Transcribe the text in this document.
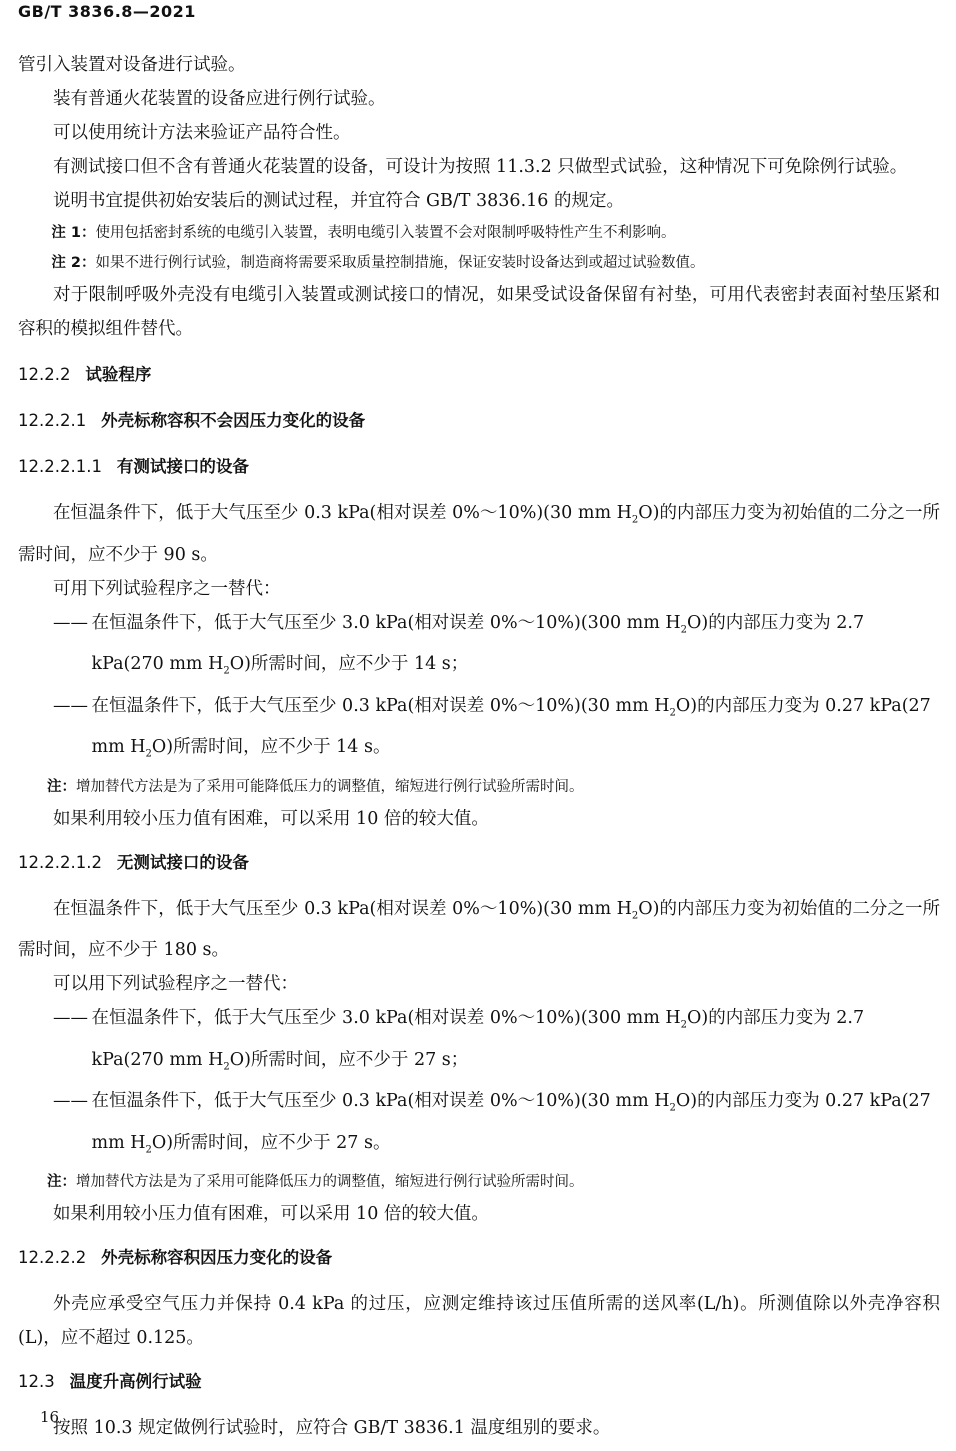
GB/T 3836.8—2021

管引入装置对设备进行试验。

装有普通火花装置的设备应进行例行试验。

可以使用统计方法来验证产品符合性。

有测试接口但不含有普通火花装置的设备，可设计为按照 11.3.2 只做型式试验，这种情况下可免除例行试验。

说明书宜提供初始安装后的测试过程，并宜符合 GB/T 3836.16 的规定。

注 1：使用包括密封系统的电缆引入装置，表明电缆引入装置不会对限制呼吸特性产生不利影响。

注 2：如果不进行例行试验，制造商将需要采取质量控制措施，保证安装时设备达到或超过试验数值。

对于限制呼吸外壳没有电缆引入装置或测试接口的情况，如果受试设备保留有衬垫，可用代表密封表面衬垫压紧和容积的模拟组件替代。

12.2.2 试验程序

12.2.2.1 外壳标称容积不会因压力变化的设备

12.2.2.1.1 有测试接口的设备

在恒温条件下，低于大气压至少 0.3 kPa(相对误差 0%～10%)(30 mm $H_2O$)的内部压力变为初始值的二分之一所需时间，应不少于 90 s。

可用下列试验程序之一替代：

—— 在恒温条件下，低于大气压至少 3.0 kPa(相对误差 0%～10%)(300 mm $H_2O$)的内部压力变为 2.7 kPa(270 mm $H_2O$)所需时间，应不少于 14 s；

—— 在恒温条件下，低于大气压至少 0.3 kPa(相对误差 0%～10%)(30 mm $H_2O$)的内部压力变为 0.27 kPa(27 mm $H_2O$)所需时间，应不少于 14 s。

注：增加替代方法是为了采用可能降低压力的调整值，缩短进行例行试验所需时间。

如果利用较小压力值有困难，可以采用 10 倍的较大值。

12.2.2.1.2 无测试接口的设备

在恒温条件下，低于大气压至少 0.3 kPa(相对误差 0%～10%)(30 mm $H_2O$)的内部压力变为初始值的二分之一所需时间，应不少于 180 s。

可以用下列试验程序之一替代：

—— 在恒温条件下，低于大气压至少 3.0 kPa(相对误差 0%～10%)(300 mm $H_2O$)的内部压力变为 2.7 kPa(270 mm $H_2O$)所需时间，应不少于 27 s；

—— 在恒温条件下，低于大气压至少 0.3 kPa(相对误差 0%～10%)(30 mm $H_2O$)的内部压力变为 0.27 kPa(27 mm $H_2O$)所需时间，应不少于 27 s。

注：增加替代方法是为了采用可能降低压力的调整值，缩短进行例行试验所需时间。

如果利用较小压力值有困难，可以采用 10 倍的较大值。

12.2.2.2 外壳标称容积因压力变化的设备

外壳应承受空气压力并保持 0.4 kPa 的过压，应测定维持该过压值所需的送风率(L/h)。所测值除以外壳净容积(L)，应不超过 0.125。

12.3 温度升高例行试验

按照 10.3 规定做例行试验时，应符合 GB/T 3836.1 温度组别的要求。

16
